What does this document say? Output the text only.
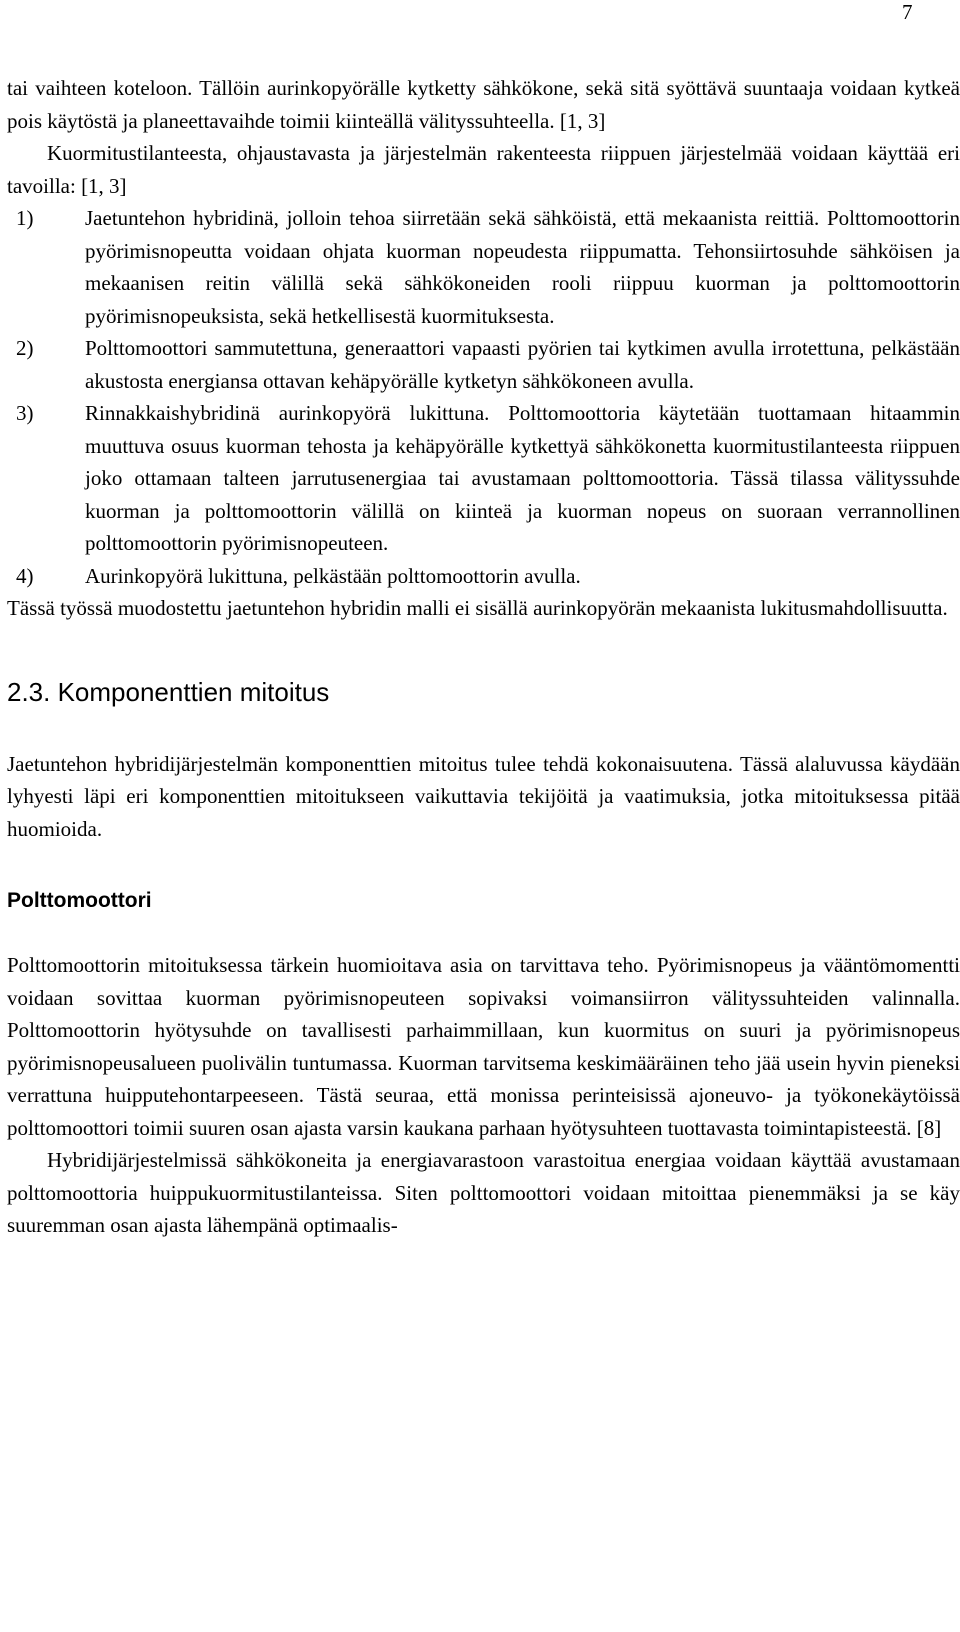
7

tai vaihteen koteloon. Tällöin aurinkopyörälle kytketty sähkökone, sekä sitä syöttävä suuntaaja voidaan kytkeä pois käytöstä ja planeettavaihde toimii kiinteällä välityssuhteella. [1, 3]

Kuormitustilanteesta, ohjaustavasta ja järjestelmän rakenteesta riippuen järjestelmää voidaan käyttää eri tavoilla: [1, 3]

1) Jaetuntehon hybridinä, jolloin tehoa siirretään sekä sähköistä, että mekaanista reittiä. Polttomoottorin pyörimisnopeutta voidaan ohjata kuorman nopeudesta riippumatta. Tehonsiirtosuhde sähköisen ja mekaanisen reitin välillä sekä sähkökoneiden rooli riippuu kuorman ja polttomoottorin pyörimisnopeuksista, sekä hetkellisestä kuormituksesta.
2) Polttomoottori sammutettuna, generaattori vapaasti pyörien tai kytkimen avulla irrotettuna, pelkästään akustosta energiansa ottavan kehäpyörälle kytketyn sähkökoneen avulla.
3) Rinnakkaishybridinä aurinkopyörä lukittuna. Polttomoottoria käytetään tuottamaan hitaammin muuttuva osuus kuorman tehosta ja kehäpyörälle kytkettyä sähkökonetta kuormitustilanteesta riippuen joko ottamaan talteen jarrutusenergiaa tai avustamaan polttomoottoria. Tässä tilassa välityssuhde kuorman ja polttomoottorin välillä on kiinteä ja kuorman nopeus on suoraan verrannollinen polttomoottorin pyörimisnopeuteen.
4) Aurinkopyörä lukittuna, pelkästään polttomoottorin avulla.

Tässä työssä muodostettu jaetuntehon hybridin malli ei sisällä aurinkopyörän mekaanista lukitusmahdollisuutta.

2.3. Komponenttien mitoitus

Jaetuntehon hybridijärjestelmän komponenttien mitoitus tulee tehdä kokonaisuutena. Tässä alaluvussa käydään lyhyesti läpi eri komponenttien mitoitukseen vaikuttavia tekijöitä ja vaatimuksia, jotka mitoituksessa pitää huomioida.

Polttomoottori

Polttomoottorin mitoituksessa tärkein huomioitava asia on tarvittava teho. Pyörimisnopeus ja vääntömomentti voidaan sovittaa kuorman pyörimisnopeuteen sopivaksi voimansiirron välityssuhteiden valinnalla. Polttomoottorin hyötysuhde on tavallisesti parhaimmillaan, kun kuormitus on suuri ja pyörimisnopeus pyörimisnopeusalueen puolivälin tuntumassa. Kuorman tarvitsema keskimääräinen teho jää usein hyvin pieneksi verrattuna huipputehontarpeeseen. Tästä seuraa, että monissa perinteisissä ajoneuvo- ja työkonekäytöissä polttomoottori toimii suuren osan ajasta varsin kaukana parhaan hyötysuhteen tuottavasta toimintapisteestä. [8]

Hybridijärjestelmissä sähkökoneita ja energiavarastoon varastoitua energiaa voidaan käyttää avustamaan polttomoottoria huippukuormitustilanteissa. Siten polttomoottori voidaan mitoittaa pienemmäksi ja se käy suuremman osan ajasta lähempänä optimaalis-
